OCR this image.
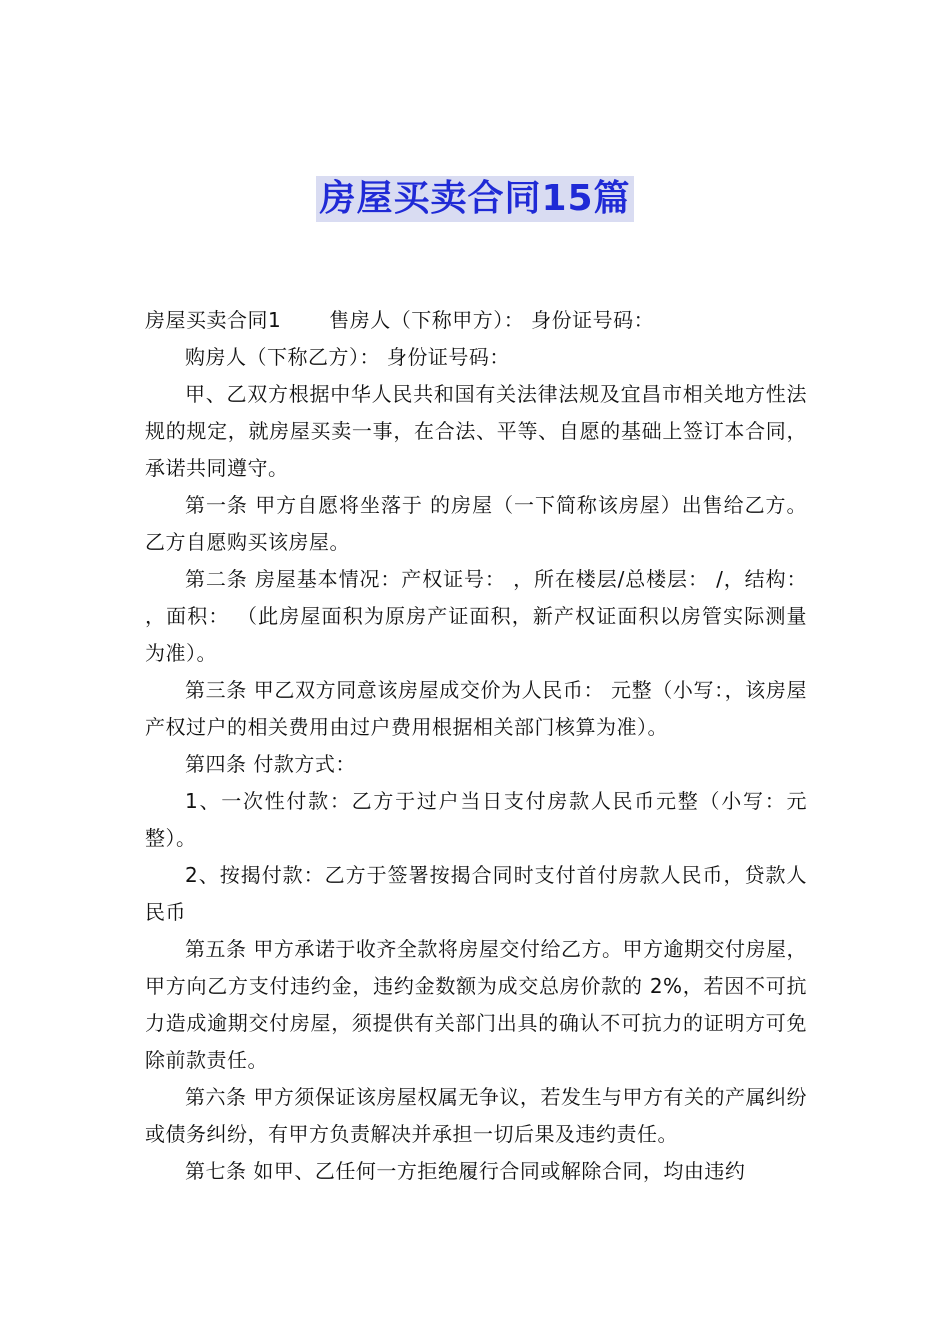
房屋买卖合同15篇

房屋买卖合同1 售房人（下称甲方）： 身份证号码：

购房人（下称乙方）： 身份证号码：

甲、乙双方根据中华人民共和国有关法律法规及宜昌市相关地方性法规的规定，就房屋买卖一事，在合法、平等、自愿的基础上签订本合同，承诺共同遵守。

第一条 甲方自愿将坐落于 的房屋（一下简称该房屋）出售给乙方。乙方自愿购买该房屋。

第二条 房屋基本情况：产权证号： ，所在楼层/总楼层： /，结构： ，面积： （此房屋面积为原房产证面积，新产权证面积以房管实际测量为准）。

第三条 甲乙双方同意该房屋成交价为人民币： 元整（小写：，该房屋产权过户的相关费用由过户费用根据相关部门核算为准）。

第四条 付款方式：

1、一次性付款：乙方于过户当日支付房款人民币元整（小写：元整）。

2、按揭付款：乙方于签署按揭合同时支付首付房款人民币，贷款人民币

第五条 甲方承诺于收齐全款将房屋交付给乙方。甲方逾期交付房屋，甲方向乙方支付违约金，违约金数额为成交总房价款的 2%，若因不可抗力造成逾期交付房屋，须提供有关部门出具的确认不可抗力的证明方可免除前款责任。

第六条 甲方须保证该房屋权属无争议，若发生与甲方有关的产属纠纷或债务纠纷，有甲方负责解决并承担一切后果及违约责任。

第七条 如甲、乙任何一方拒绝履行合同或解除合同，均由违约
